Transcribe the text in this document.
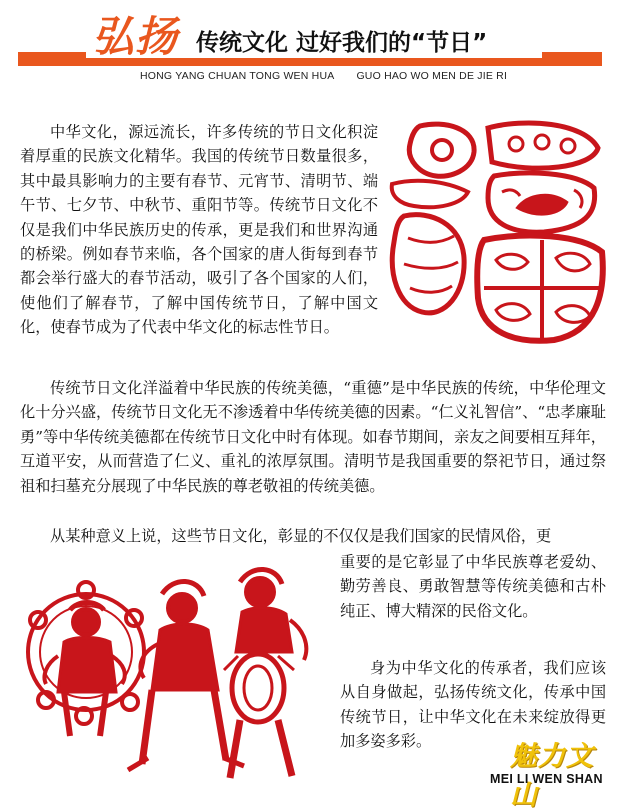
弘扬 传统文化 过好我们的“节日”
HONG YANG CHUAN TONG WEN HUA GUO HAO WO MEN DE JIE RI

中华文化，源远流长，许多传统的节日文化积淀着厚重的民族文化精华。我国的传统节日数量很多，其中最具影响力的主要有春节、元宵节、清明节、端午节、七夕节、中秋节、重阳节等。传统节日文化不仅是我们中华民族历史的传承，更是我们和世界沟通的桥梁。例如春节来临，各个国家的唐人街每到春节都会举行盛大的春节活动，吸引了各个国家的人们，使他们了解春节，了解中国传统节日，了解中国文化，使春节成为了代表中华文化的标志性节日。

传统节日文化洋溢着中华民族的传统美德，“重德”是中华民族的传统，中华伦理文化十分兴盛，传统节日文化无不渗透着中华传统美德的因素。“仁义礼智信”、“忠孝廉耻勇”等中华传统美德都在传统节日文化中时有体现。如春节期间，亲友之间要相互拜年，互道平安，从而营造了仁义、重礼的浓厚氛围。清明节是我国重要的祭祀节日，通过祭祖和扫墓充分展现了中华民族的尊老敬祖的传统美德。

从某种意义上说，这些节日文化，彰显的不仅仅是我们国家的民情风俗，更

重要的是它彰显了中华民族尊老爱幼、勤劳善良、勇敢智慧等传统美德和古朴纯正、博大精深的民俗文化。

身为中华文化的传承者，我们应该从自身做起，弘扬传统文化，传承中国传统节日，让中华文化在未来绽放得更加多姿多彩。	魅力文山
MEI LI WEN SHAN
